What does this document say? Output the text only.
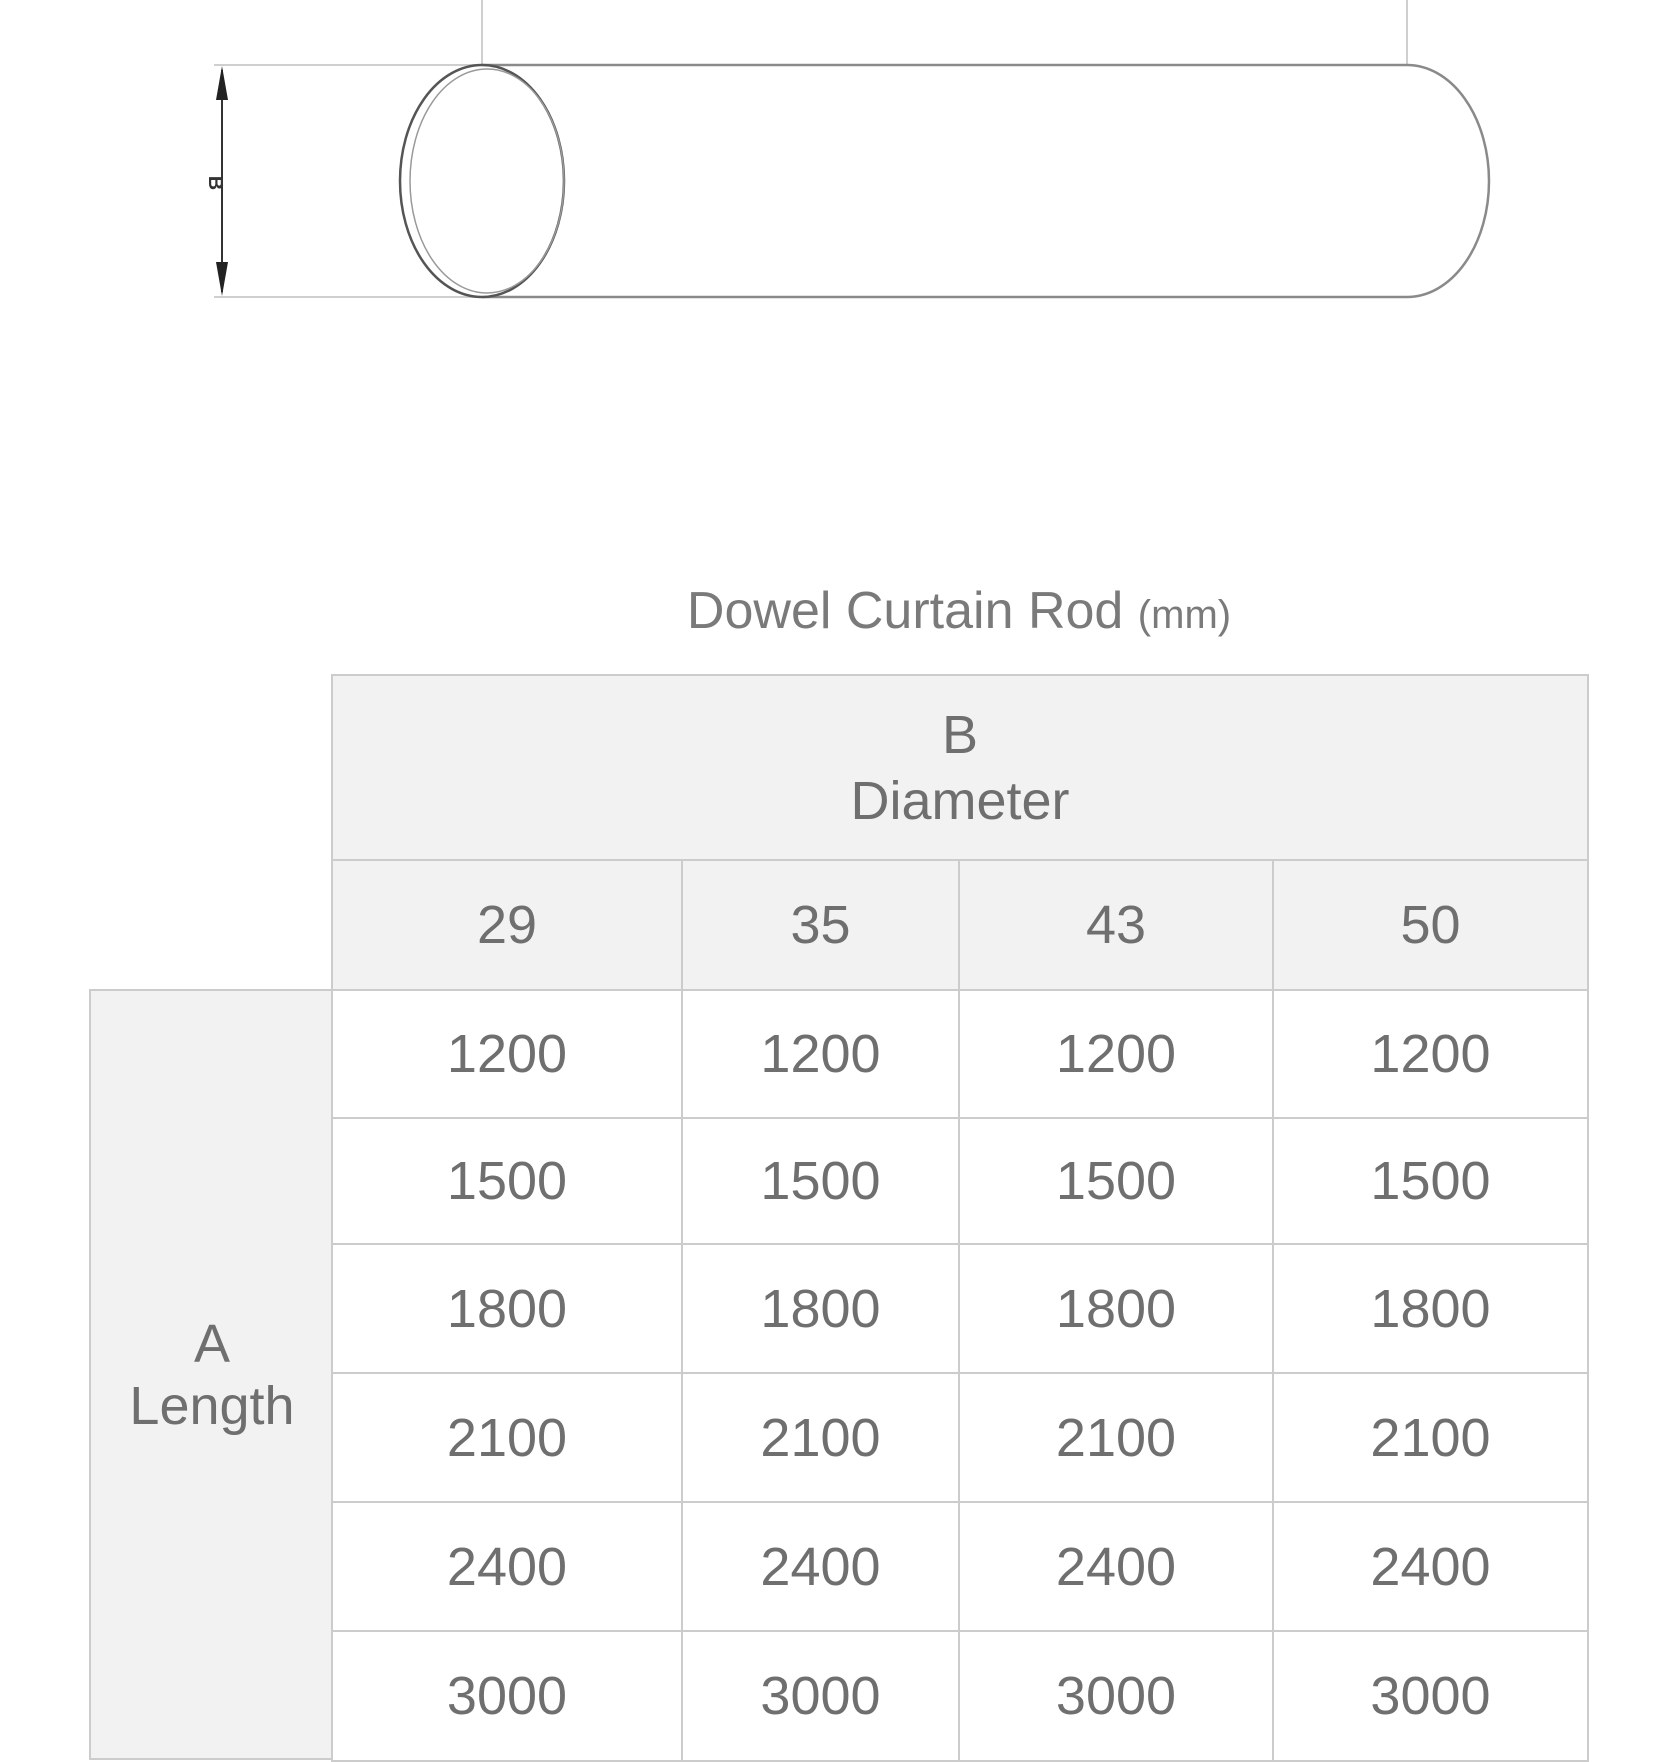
B
Dowel Curtain Rod (mm)
B
Diameter
29	35	43	50
A
Length
1200	1200	1200	1200
1500	1500	1500	1500
1800	1800	1800	1800
2100	2100	2100	2100
2400	2400	2400	2400
3000	3000	3000	3000
